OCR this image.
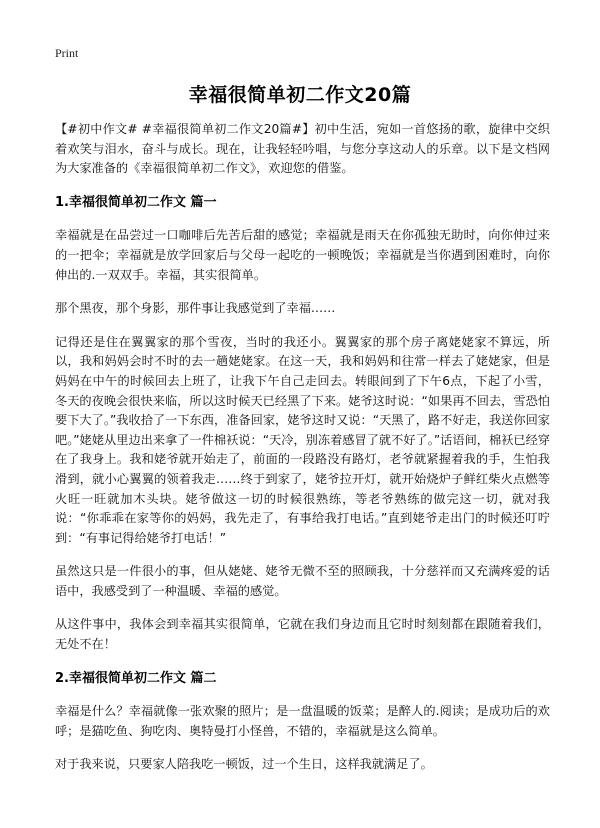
Print
幸福很简单初二作文20篇

【#初中作文# #幸福很简单初二作文20篇#】初中生活，宛如一首悠扬的歌，旋律中交织着欢笑与泪水，奋斗与成长。现在，让我轻轻吟唱，与您分享这动人的乐章。以下是文档网为大家准备的《幸福很简单初二作文》，欢迎您的借鉴。

1.幸福很简单初二作文 篇一

幸福就是在品尝过一口咖啡后先苦后甜的感觉；幸福就是雨天在你孤独无助时，向你伸过来的一把伞；幸福就是放学回家后与父母一起吃的一顿晚饭；幸福就是当你遇到困难时，向你伸出的.一双双手。幸福，其实很简单。

那个黑夜，那个身影，那件事让我感觉到了幸福……

记得还是住在翼翼家的那个雪夜，当时的我还小。翼翼家的那个房子离姥姥家不算远，所以，我和妈妈会时不时的去一趟姥姥家。在这一天，我和妈妈和往常一样去了姥姥家，但是妈妈在中午的时候回去上班了，让我下午自己走回去。转眼间到了下午6点，下起了小雪，冬天的夜晚会很快来临，所以这时候天已经黑了下来。姥爷这时说：“如果再不回去，雪恐怕要下大了。”我收拾了一下东西，准备回家，姥爷这时又说：“天黑了，路不好走，我送你回家吧。”姥姥从里边出来拿了一件棉袄说：“天冷，别冻着感冒了就不好了。”话语间，棉袄已经穿在了我身上。我和姥爷就开始走了，前面的一段路没有路灯，老爷就紧握着我的手，生怕我滑到，就小心翼翼的领着我走……终于到家了，姥爷拉开灯，就开始烧炉子鲜红柴火点燃等火旺一旺就加木头块。姥爷做这一切的时候很熟练，等老爷熟练的做完这一切，就对我说：“你乖乖在家等你的妈妈，我先走了，有事给我打电话。”直到姥爷走出门的时候还叮咛到：“有事记得给姥爷打电话！”

虽然这只是一件很小的事，但从姥姥、姥爷无微不至的照顾我，十分慈祥而又充满疼爱的话语中，我感受到了一种温暖、幸福的感觉。

从这件事中，我体会到幸福其实很简单，它就在我们身边而且它时时刻刻都在跟随着我们，无处不在！

2.幸福很简单初二作文 篇二

幸福是什么？幸福就像一张欢聚的照片；是一盘温暖的饭菜；是醉人的.阅读；是成功后的欢呼；是猫吃鱼、狗吃肉、奥特曼打小怪兽，不错的，幸福就是这么简单。

对于我来说，只要家人陪我吃一顿饭，过一个生日，这样我就满足了。
